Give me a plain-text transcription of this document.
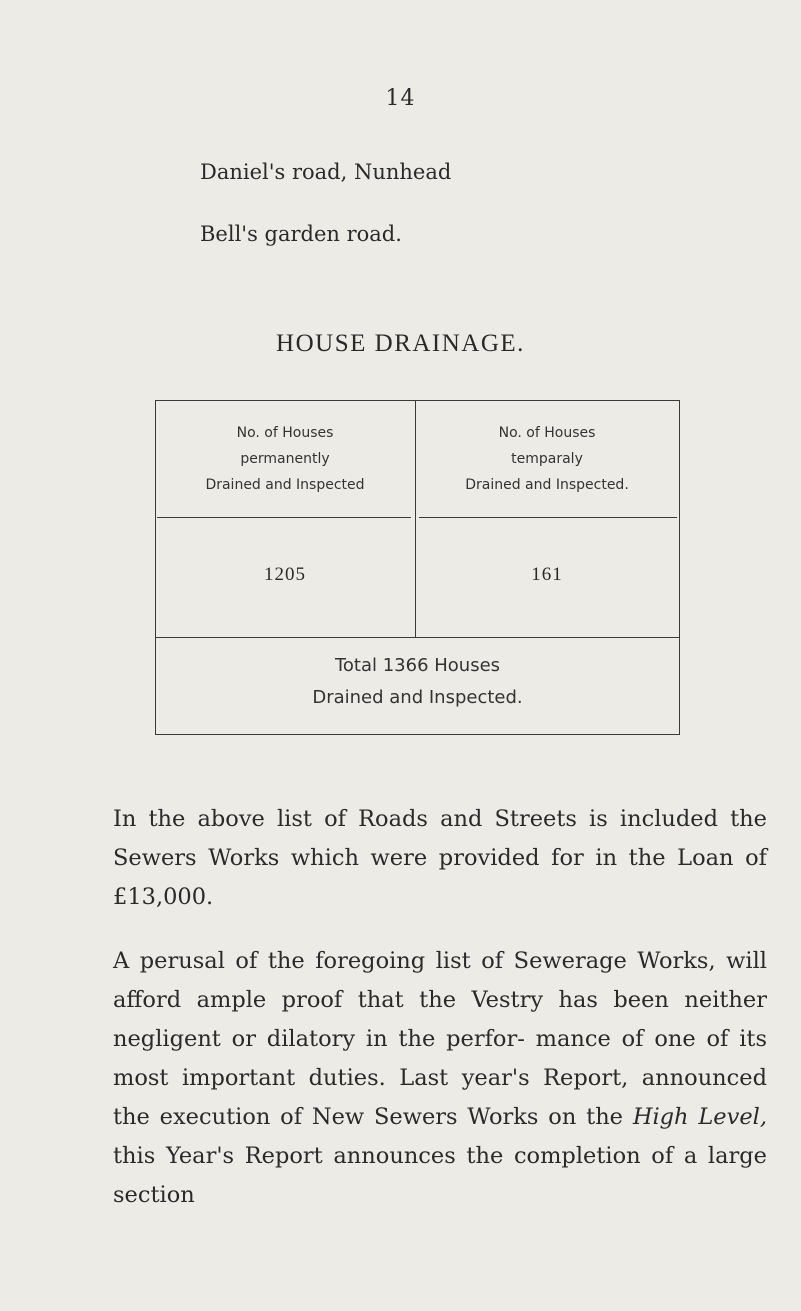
14
Daniel's road, Nunhead
Bell's garden road.
HOUSE DRAINAGE.
No. of Houses
permanently
Drained and Inspected
No. of Houses
temparaly
Drained and Inspected.
1205	161
Total 1366 Houses
Drained and Inspected.
In the above list of Roads and Streets is included the Sewers Works which were provided for in the Loan of £13,000.
A perusal of the foregoing list of Sewerage Works, will afford ample proof that the Vestry has been neither negligent or dilatory in the perfor- mance of one of its most important duties. Last year's Report, announced the execution of New Sewers Works on the High Level, this Year's Report announces the completion of a large section
